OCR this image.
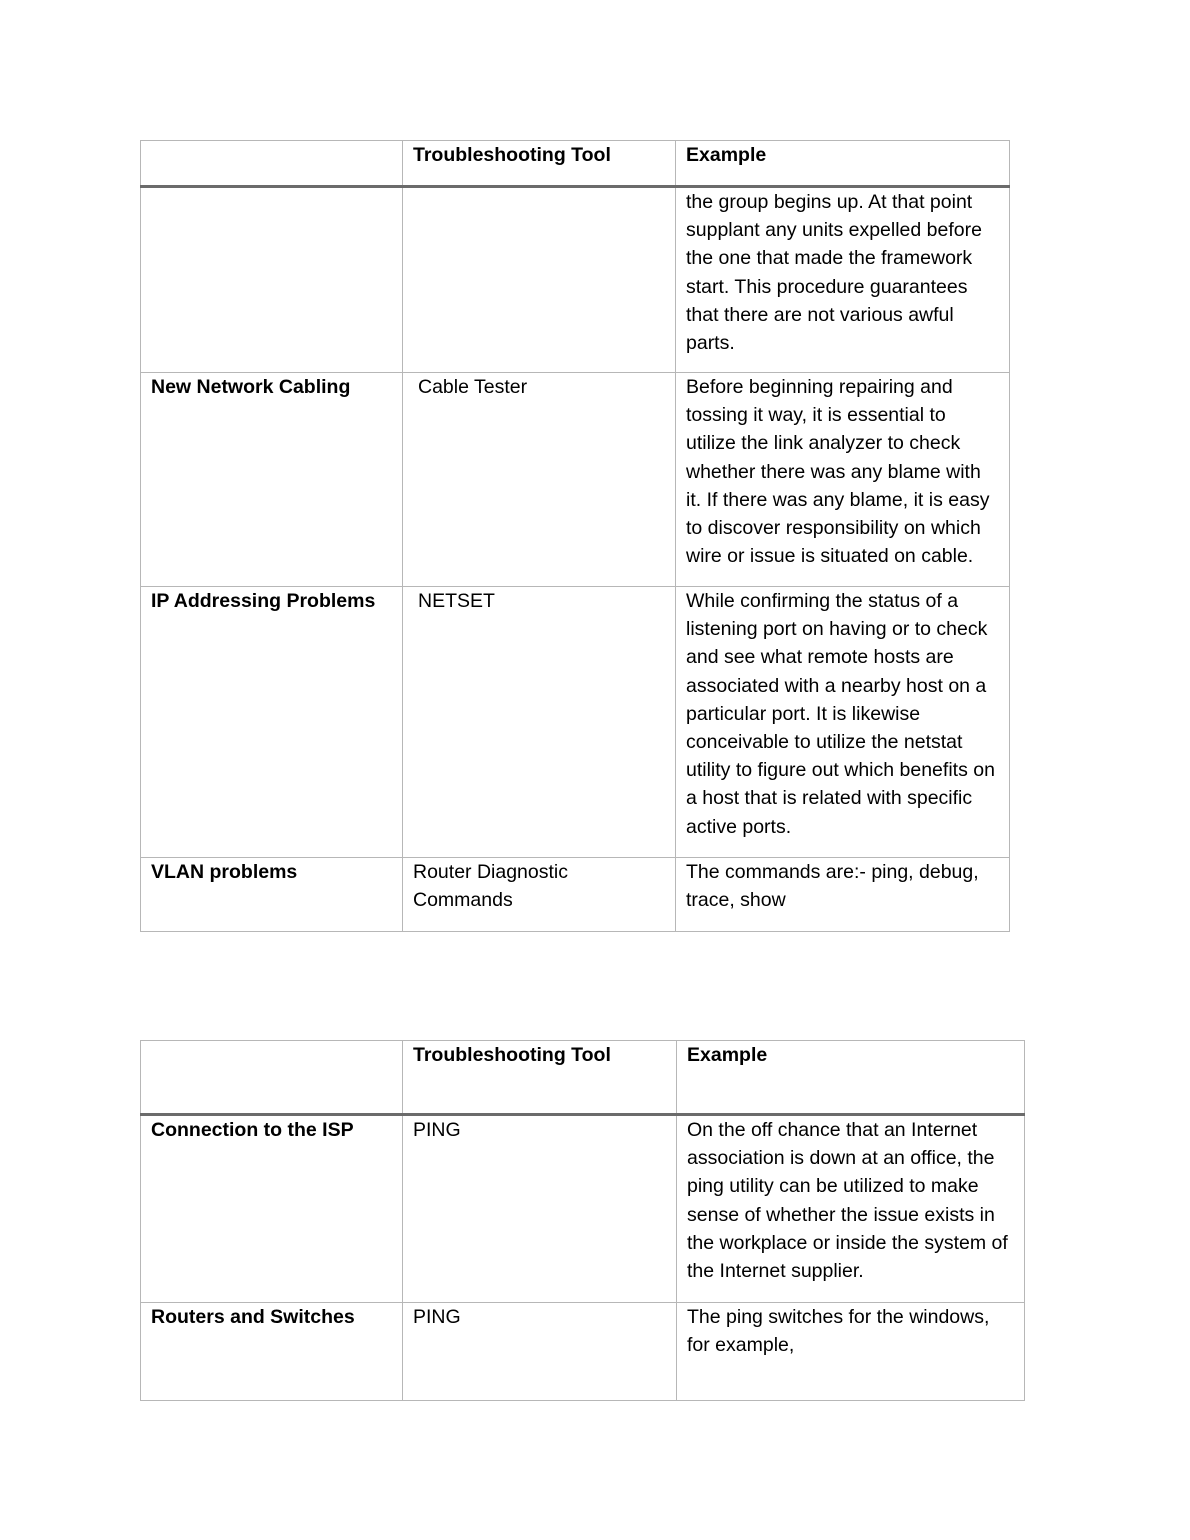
	Troubleshooting Tool	Example
		the group begins up. At that point supplant any units expelled before the one that made the framework start. This procedure guarantees that there are not various awful parts.
New Network Cabling	Cable Tester	Before beginning repairing and tossing it way, it is essential to utilize the link analyzer to check whether there was any blame with it. If there was any blame, it is easy to discover responsibility on which wire or issue is situated on cable.
IP Addressing Problems	NETSET	While confirming the status of a listening port on having or to check and see what remote hosts are associated with a nearby host on a particular port. It is likewise conceivable to utilize the netstat utility to figure out which benefits on a host that is related with specific active ports.
VLAN problems	Router Diagnostic Commands	The commands are:- ping, debug, trace, show
	Troubleshooting Tool	Example
Connection to the ISP	PING	On the off chance that an Internet association is down at an office, the ping utility can be utilized to make sense of whether the issue exists in the workplace or inside the system of the Internet supplier.
Routers and Switches	PING	The ping switches for the windows, for example,
